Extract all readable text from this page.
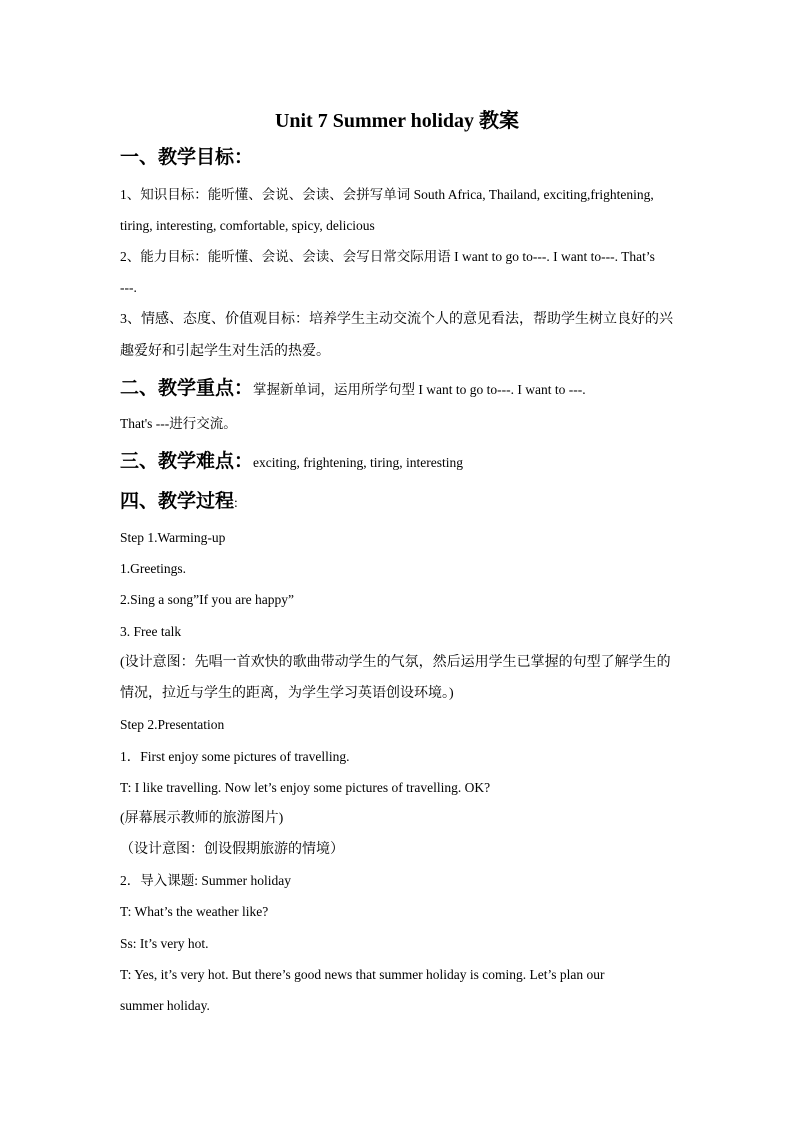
Unit 7 Summer holiday 教案
一、教学目标：
1、知识目标：能听懂、会说、会读、会拼写单词 South Africa, Thailand, exciting,frightening,
tiring, interesting, comfortable, spicy, delicious
2、能力目标：能听懂、会说、会读、会写日常交际用语 I want to go to---. I want to---. That’s
---.
3、情感、态度、价值观目标：培养学生主动交流个人的意见看法，帮助学生树立良好的兴
趣爱好和引起学生对生活的热爱。
二、教学重点：掌握新单词，运用所学句型 I want to go to---. I want to ---.
That's ---进行交流。
三、教学难点：exciting, frightening, tiring, interesting
四、教学过程:
Step 1.Warming-up
1.Greetings.
2.Sing a song”If you are happy”
3. Free talk
(设计意图：先唱一首欢快的歌曲带动学生的气氛，然后运用学生已掌握的句型了解学生的
情况，拉近与学生的距离，为学生学习英语创设环境。)
Step 2.Presentation
1．First enjoy some pictures of travelling.
T: I like travelling. Now let’s enjoy some pictures of travelling. OK?
(屏幕展示教师的旅游图片)
（设计意图：创设假期旅游的情境）
2．导入课题: Summer holiday
T: What’s the weather like?
Ss: It’s very hot.
T: Yes, it’s very hot. But there’s good news that summer holiday is coming. Let’s plan our
summer holiday.
